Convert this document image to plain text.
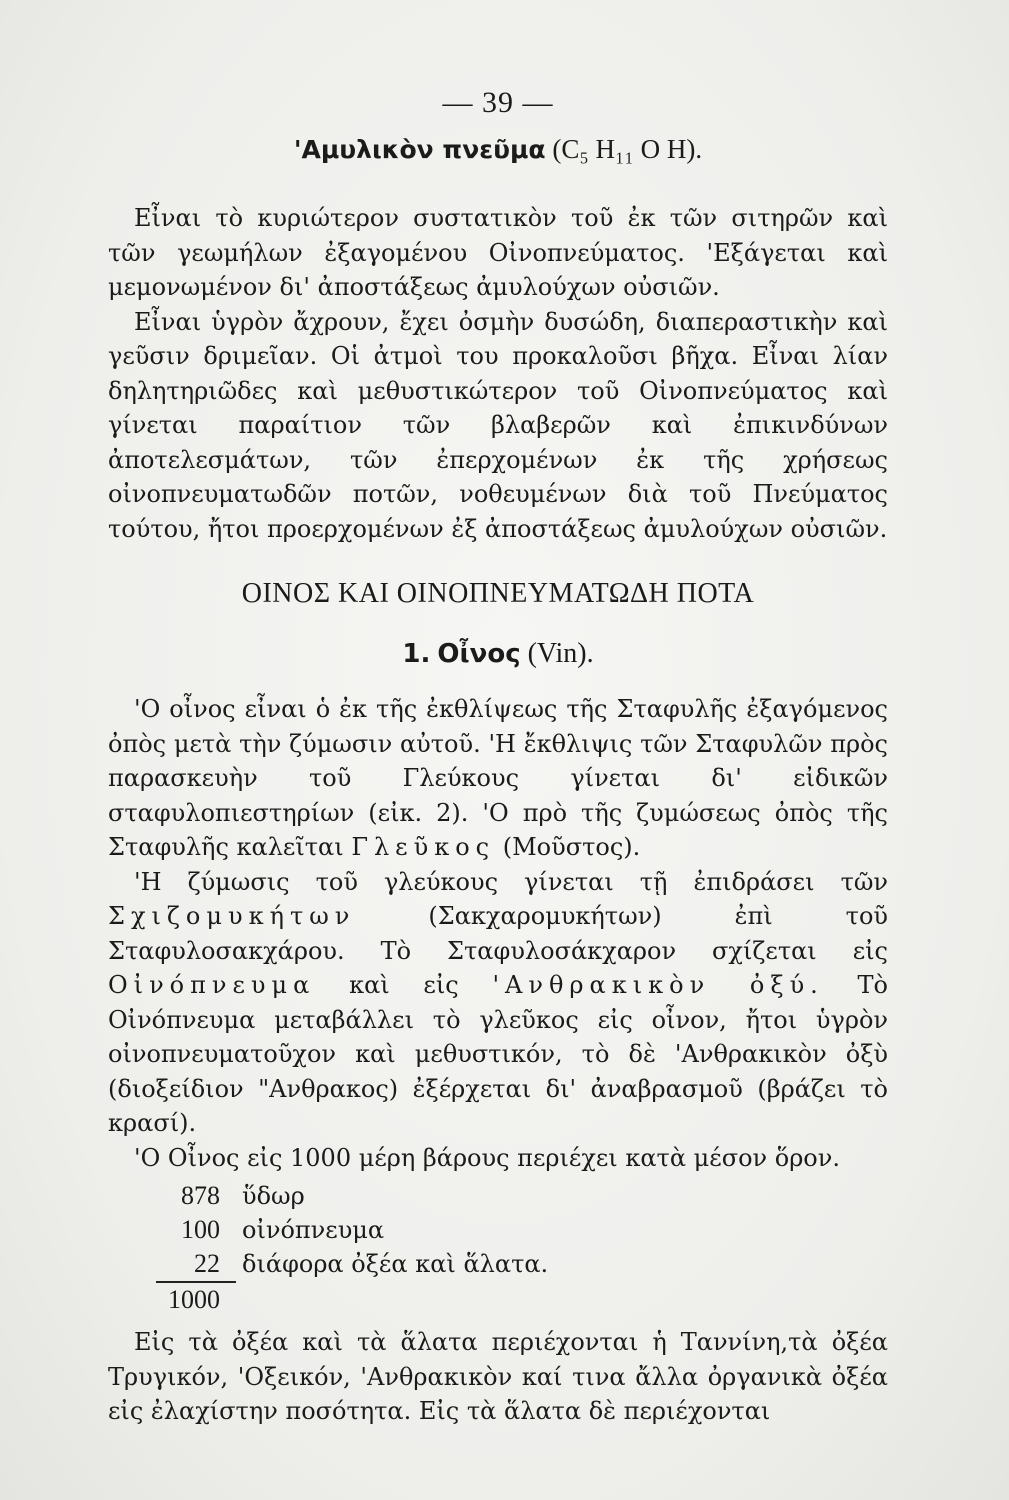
— 39 —
'Αμυλικὸν πνεῦμα (C₅ H₁₁ O H).

Εἶναι τὸ κυριώτερον συστατικὸν τοῦ ἐκ τῶν σιτηρῶν καὶ τῶν γεωμήλων ἐξαγομένου Οἰνοπνεύματος. 'Εξάγεται καὶ μεμονωμένον δι' ἀποστάξεως ἀμυλούχων οὐσιῶν.

Εἶναι ὑγρὸν ἄχρουν, ἔχει ὀσμὴν δυσώδη, διαπεραστικὴν καὶ γεῦσιν δριμεῖαν. Οἱ ἀτμοὶ του προκαλοῦσι βῆχα. Εἶναι λίαν δηλητηριῶδες καὶ μεθυστικώτερον τοῦ Οἰνοπνεύματος καὶ γίνεται παραίτιον τῶν βλαβερῶν καὶ ἐπικινδύνων ἀποτελεσμάτων, τῶν ἐπερχομένων ἐκ τῆς χρήσεως οἰνοπνευματωδῶν ποτῶν, νοθευμένων διὰ τοῦ Πνεύματος τούτου, ἤτοι προερχομένων ἐξ ἀποστάξεως ἀμυλούχων οὐσιῶν.

ΟΙΝΟΣ ΚΑΙ ΟΙΝΟΠΝΕΥΜΑΤΩΔΗ ΠΟΤΑ
1. Οἶνος (Vin).

'Ο οἶνος εἶναι ὁ ἐκ τῆς ἐκθλίψεως τῆς Σταφυλῆς ἐξαγόμενος ὀπὸς μετὰ τὴν ζύμωσιν αὐτοῦ. 'Η ἔκθλιψις τῶν Σταφυλῶν πρὸς παρασκευὴν τοῦ Γλεύκους γίνεται δι' εἰδικῶν σταφυλοπιεστηρίων (εἰκ. 2). 'Ο πρὸ τῆς ζυμώσεως ὀπὸς τῆς Σταφυλῆς καλεῖται Γλεῦκος (Μοῦστος).

'Η ζύμωσις τοῦ γλεύκους γίνεται τῇ ἐπιδράσει τῶν Σχιζομυκήτων	(Σακχαρομυκήτων) ἐπὶ τοῦ Σταφυλοσακχάρου. Τὸ Σταφυλοσάκχαρον σχίζεται εἰς Οἰνόπνευμα καὶ εἰς 'Ανθρακικὸν ὀξύ. Τὸ Οἰνόπνευμα μεταβάλλει τὸ γλεῦκος εἰς οἶνον, ἤτοι ὑγρὸν οἰνοπνευματοῦχον καὶ μεθυστικόν, τὸ δὲ 'Ανθρακικὸν ὀξὺ (διοξείδιον "Ανθρακος) ἐξέρχεται δι' ἀναβρασμοῦ (βράζει τὸ κρασί).

'Ο Οἶνος εἰς 1000 μέρη βάρους περιέχει κατὰ μέσον ὅρον.

878 ὕδωρ
100 οἰνόπνευμα
22 διάφορα ὀξέα καὶ ἅλατα.
1000

Εἰς τὰ ὀξέα καὶ τὰ ἅλατα περιέχονται ἡ Ταννίνη,τὰ ὀξέα Τρυγικόν, 'Οξεικόν, 'Ανθρακικὸν καί τινα ἄλλα ὀργανικὰ ὀξέα εἰς ἐλαχίστην ποσότητα. Εἰς τὰ ἅλατα δὲ περιέχονται
